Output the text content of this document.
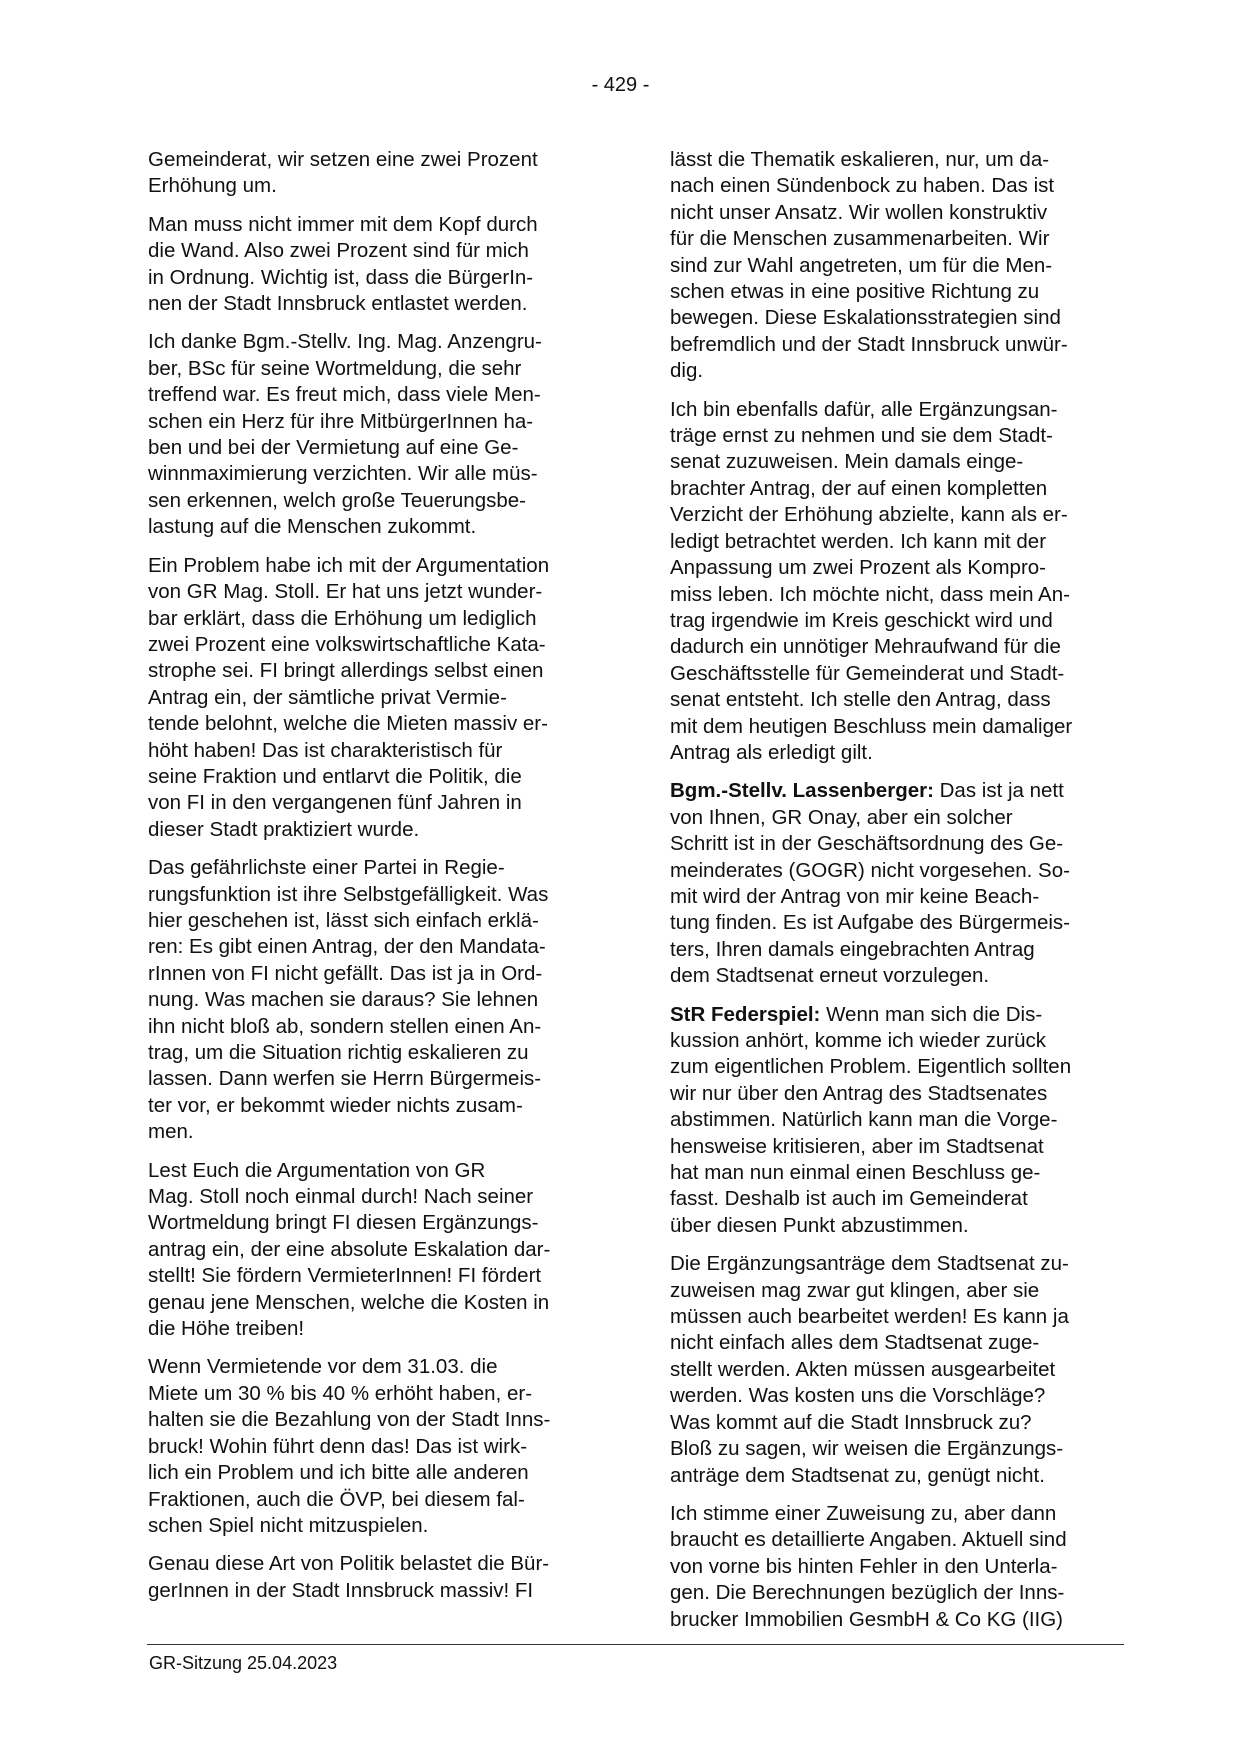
- 429 -

Gemeinderat, wir setzen eine zwei Prozent
Erhöhung um.

Man muss nicht immer mit dem Kopf durch
die Wand. Also zwei Prozent sind für mich
in Ordnung. Wichtig ist, dass die BürgerIn-
nen der Stadt Innsbruck entlastet werden.

Ich danke Bgm.-Stellv. Ing. Mag. Anzengru-
ber, BSc für seine Wortmeldung, die sehr
treffend war. Es freut mich, dass viele Men-
schen ein Herz für ihre MitbürgerInnen ha-
ben und bei der Vermietung auf eine Ge-
winnmaximierung verzichten. Wir alle müs-
sen erkennen, welch große Teuerungsbe-
lastung auf die Menschen zukommt.

Ein Problem habe ich mit der Argumentation
von GR Mag. Stoll. Er hat uns jetzt wunder-
bar erklärt, dass die Erhöhung um lediglich
zwei Prozent eine volkswirtschaftliche Kata-
strophe sei. FI bringt allerdings selbst einen
Antrag ein, der sämtliche privat Vermie-
tende belohnt, welche die Mieten massiv er-
höht haben! Das ist charakteristisch für
seine Fraktion und entlarvt die Politik, die
von FI in den vergangenen fünf Jahren in
dieser Stadt praktiziert wurde.

Das gefährlichste einer Partei in Regie-
rungsfunktion ist ihre Selbstgefälligkeit. Was
hier geschehen ist, lässt sich einfach erklä-
ren: Es gibt einen Antrag, der den Mandata-
rInnen von FI nicht gefällt. Das ist ja in Ord-
nung. Was machen sie daraus? Sie lehnen
ihn nicht bloß ab, sondern stellen einen An-
trag, um die Situation richtig eskalieren zu
lassen. Dann werfen sie Herrn Bürgermeis-
ter vor, er bekommt wieder nichts zusam-
men.

Lest Euch die Argumentation von GR
Mag. Stoll noch einmal durch! Nach seiner
Wortmeldung bringt FI diesen Ergänzungs-
antrag ein, der eine absolute Eskalation dar-
stellt! Sie fördern VermieterInnen! FI fördert
genau jene Menschen, welche die Kosten in
die Höhe treiben!

Wenn Vermietende vor dem 31.03. die
Miete um 30 % bis 40 % erhöht haben, er-
halten sie die Bezahlung von der Stadt Inns-
bruck! Wohin führt denn das! Das ist wirk-
lich ein Problem und ich bitte alle anderen
Fraktionen, auch die ÖVP, bei diesem fal-
schen Spiel nicht mitzuspielen.

Genau diese Art von Politik belastet die Bür-
gerInnen in der Stadt Innsbruck massiv! FI

lässt die Thematik eskalieren, nur, um da-
nach einen Sündenbock zu haben. Das ist
nicht unser Ansatz. Wir wollen konstruktiv
für die Menschen zusammenarbeiten. Wir
sind zur Wahl angetreten, um für die Men-
schen etwas in eine positive Richtung zu
bewegen. Diese Eskalationsstrategien sind
befremdlich und der Stadt Innsbruck unwür-
dig.

Ich bin ebenfalls dafür, alle Ergänzungsan-
träge ernst zu nehmen und sie dem Stadt-
senat zuzuweisen. Mein damals einge-
brachter Antrag, der auf einen kompletten
Verzicht der Erhöhung abzielte, kann als er-
ledigt betrachtet werden. Ich kann mit der
Anpassung um zwei Prozent als Kompro-
miss leben. Ich möchte nicht, dass mein An-
trag irgendwie im Kreis geschickt wird und
dadurch ein unnötiger Mehraufwand für die
Geschäftsstelle für Gemeinderat und Stadt-
senat entsteht. Ich stelle den Antrag, dass
mit dem heutigen Beschluss mein damaliger
Antrag als erledigt gilt.

Bgm.-Stellv. Lassenberger: Das ist ja nett
von Ihnen, GR Onay, aber ein solcher
Schritt ist in der Geschäftsordnung des Ge-
meinderates (GOGR) nicht vorgesehen. So-
mit wird der Antrag von mir keine Beach-
tung finden. Es ist Aufgabe des Bürgermeis-
ters, Ihren damals eingebrachten Antrag
dem Stadtsenat erneut vorzulegen.

StR Federspiel: Wenn man sich die Dis-
kussion anhört, komme ich wieder zurück
zum eigentlichen Problem. Eigentlich sollten
wir nur über den Antrag des Stadtsenates
abstimmen. Natürlich kann man die Vorge-
hensweise kritisieren, aber im Stadtsenat
hat man nun einmal einen Beschluss ge-
fasst. Deshalb ist auch im Gemeinderat
über diesen Punkt abzustimmen.

Die Ergänzungsanträge dem Stadtsenat zu-
zuweisen mag zwar gut klingen, aber sie
müssen auch bearbeitet werden! Es kann ja
nicht einfach alles dem Stadtsenat zuge-
stellt werden. Akten müssen ausgearbeitet
werden. Was kosten uns die Vorschläge?
Was kommt auf die Stadt Innsbruck zu?
Bloß zu sagen, wir weisen die Ergänzungs-
anträge dem Stadtsenat zu, genügt nicht.

Ich stimme einer Zuweisung zu, aber dann
braucht es detaillierte Angaben. Aktuell sind
von vorne bis hinten Fehler in den Unterla-
gen. Die Berechnungen bezüglich der Inns-
brucker Immobilien GesmbH & Co KG (IIG)

GR-Sitzung 25.04.2023
